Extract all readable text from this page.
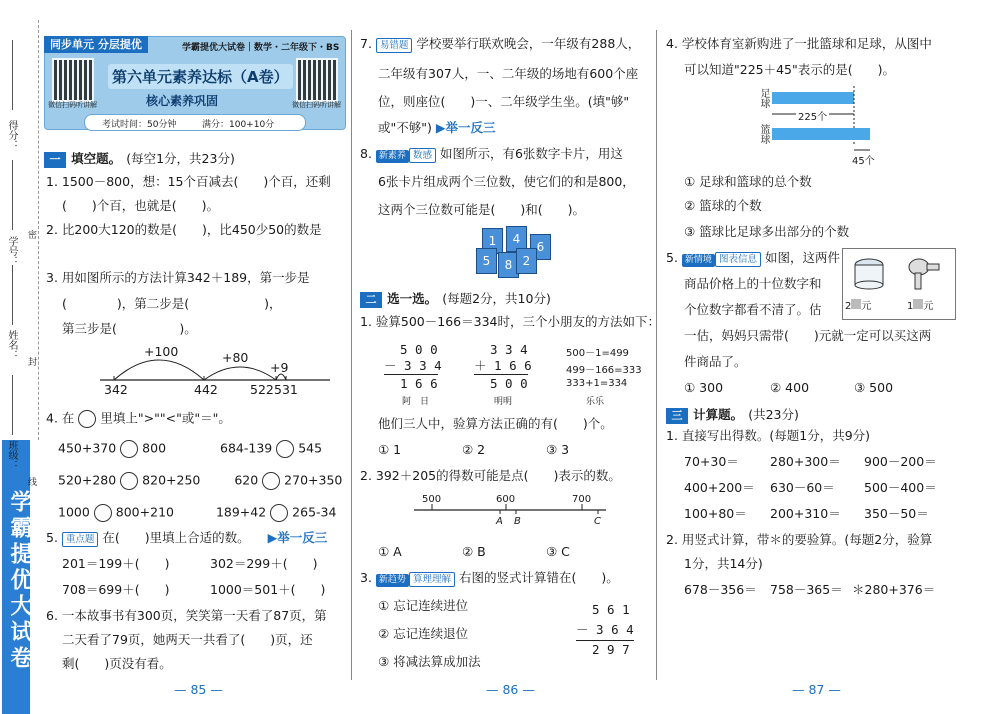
学霸提优大试卷
得分：
学号：
姓名：
班级：
密
封
线
同步单元 分层提优	学霸提优大试卷｜数学・二年级下・BS
微信扫码听讲解	微信扫码听讲解
第六单元素养达标（A卷）
核心素养巩固
考试时间：50分钟	满分：100+10分
一 填空题。 (每空1分，共23分)
1. 1500－800，想：15个百减去(　　)个百，还剩
(　　)个百，也就是(　　)。
2. 比200大120的数是(　　)，比450少50的数是
3. 用如图所示的方法计算342＋189，第一步是
(　　　　)，第二步是(　　　　　　)，
第三步是(　　　　　)。
+100	+80
+9
342	442	522 531
4. 在 里填上">""<"或"＝"。
450+370 800	684-139 545
520+280 820+250	620 270+350
1000 800+210	189+42 265-34
5. 重点题 在(　　)里填上合适的数。 ▶举一反三
201＝199＋(　　)	302＝299＋(　　)
708＝699＋(　　)	1000＝501＋(　　)
6. 一本故事书有300页，笑笑第一天看了87页，第
二天看了79页，她两天一共看了(　　)页，还
剩(　　)页没有看。
— 85 —
7. 易错题 学校要举行联欢晚会，一年级有288人，
二年级有307人，一、二年级的场地有600个座
位，则座位(　　)一、二年级学生坐。(填"够"
或"不够") ▶举一反三
8. 新素养 数感 如图所示，有6张数字卡片，用这
6张卡片组成两个三位数，使它们的和是800，
这两个三位数可能是(　　)和(　　)。
1	4
6
5	8 2
二 选一选。 (每题2分，共10分)
1. 验算500－166＝334时，三个小朋友的方法如下：
5 0 0
－ 3 3 4
1 6 6
阿　日
3 3 4
＋ 1 6 6
5 0 0
明明
500－1=499
499－166=333
333+1=334
乐乐
他们三人中，验算方法正确的有(　　)个。
① 1	② 2	③ 3
2. 392＋205的得数可能是点(　　)表示的数。
500	600	700
A B	C
① A	② B	③ C
3. 新趋势 算理理解 右图的竖式计算错在(　　)。
① 忘记连续进位
② 忘记连续退位
③ 将减法算成加法
5 6 1
－ 3 6 4
2 9 7
— 86 —
4. 学校体育室新购进了一批篮球和足球，从图中
可以知道"225＋45"表示的是(　　)。
足球
篮球
225个
45个
① 足球和篮球的总个数
② 篮球的个数
③ 篮球比足球多出部分的个数
5. 新情境 图表信息 如图，这两件
商品价格上的十位数字和
个位数字都看不清了。估
一估，妈妈只需带(　　)元就一定可以买这两
件商品了。
2 元	1 元
① 300	② 400	③ 500
三 计算题。 (共23分)
1. 直接写出得数。(每题1分，共9分)
70+30＝ 280+300＝ 900－200＝
400+200＝ 630－60＝ 500－400＝
100+80＝ 200+310＝ 350－50＝
2. 用竖式计算，带＊的要验算。(每题2分，验算
1分，共14分)
678－356＝ 758－365＝ ＊280+376＝
— 87 —
